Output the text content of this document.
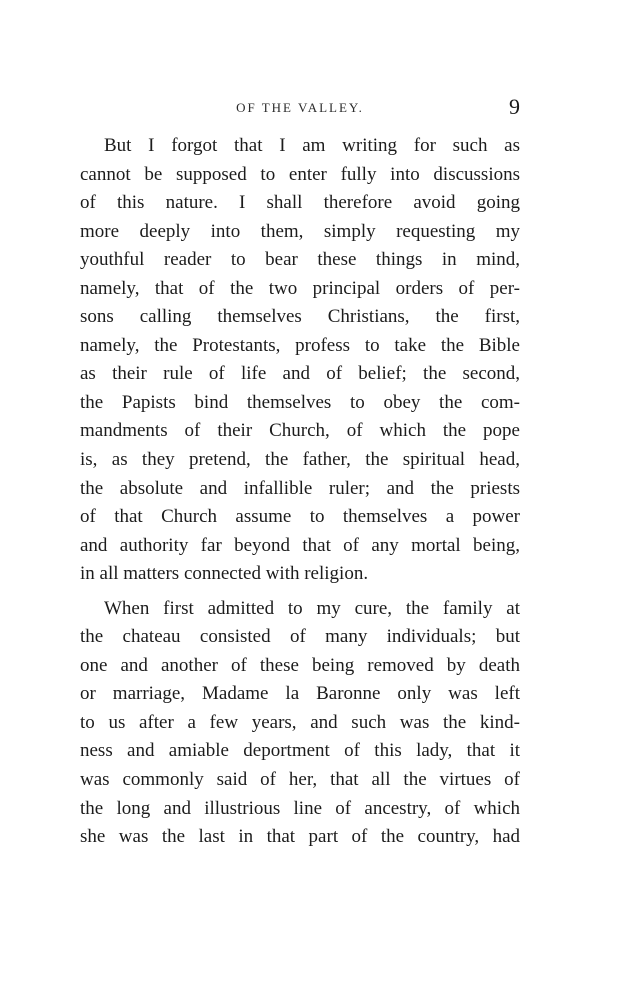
OF THE VALLEY.	9
But I forgot that I am writing for such as
cannot be supposed to enter fully into discussions
of this nature. I shall therefore avoid going
more deeply into them, simply requesting my
youthful reader to bear these things in mind,
namely, that of the two principal orders of per-
sons calling themselves Christians, the first,
namely, the Protestants, profess to take the Bible
as their rule of life and of belief; the second,
the Papists bind themselves to obey the com-
mandments of their Church, of which the pope
is, as they pretend, the father, the spiritual head,
the absolute and infallible ruler; and the priests
of that Church assume to themselves a power
and authority far beyond that of any mortal being,
in all matters connected with religion.
When first admitted to my cure, the family at
the chateau consisted of many individuals; but
one and another of these being removed by death
or marriage, Madame la Baronne only was left
to us after a few years, and such was the kind-
ness and amiable deportment of this lady, that it
was commonly said of her, that all the virtues of
the long and illustrious line of ancestry, of which
she was the last in that part of the country, had
